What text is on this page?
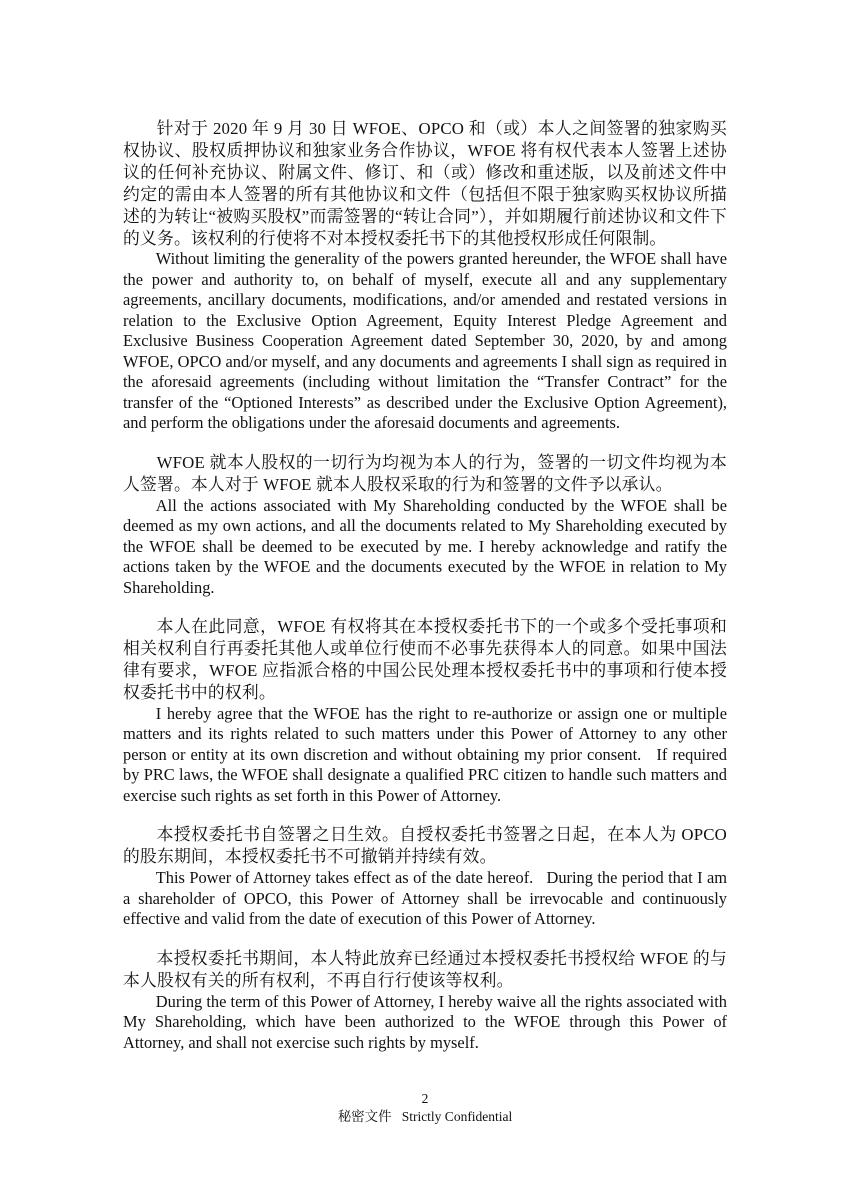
针对于 2020 年 9 月 30 日 WFOE、OPCO 和（或）本人之间签署的独家购买权协议、股权质押协议和独家业务合作协议，WFOE 将有权代表本人签署上述协议的任何补充协议、附属文件、修订、和（或）修改和重述版，以及前述文件中约定的需由本人签署的所有其他协议和文件（包括但不限于独家购买权协议所描述的为转让“被购买股权”而需签署的“转让合同”），并如期履行前述协议和文件下的义务。该权利的行使将不对本授权委托书下的其他授权形成任何限制。

Without limiting the generality of the powers granted hereunder, the WFOE shall have the power and authority to, on behalf of myself, execute all and any supplementary agreements, ancillary documents, modifications, and/or amended and restated versions in relation to the Exclusive Option Agreement, Equity Interest Pledge Agreement and Exclusive Business Cooperation Agreement dated September 30, 2020, by and among WFOE, OPCO and/or myself, and any documents and agreements I shall sign as required in the aforesaid agreements (including without limitation the “Transfer Contract” for the transfer of the “Optioned Interests” as described under the Exclusive Option Agreement), and perform the obligations under the aforesaid documents and agreements.

WFOE 就本人股权的一切行为均视为本人的行为，签署的一切文件均视为本人签署。本人对于 WFOE 就本人股权采取的行为和签署的文件予以承认。

All the actions associated with My Shareholding conducted by the WFOE shall be deemed as my own actions, and all the documents related to My Shareholding executed by the WFOE shall be deemed to be executed by me. I hereby acknowledge and ratify the actions taken by the WFOE and the documents executed by the WFOE in relation to My Shareholding.

本人在此同意，WFOE 有权将其在本授权委托书下的一个或多个受托事项和相关权利自行再委托其他人或单位行使而不必事先获得本人的同意。如果中国法律有要求，WFOE 应指派合格的中国公民处理本授权委托书中的事项和行使本授权委托书中的权利。

I hereby agree that the WFOE has the right to re-authorize or assign one or multiple matters and its rights related to such matters under this Power of Attorney to any other person or entity at its own discretion and without obtaining my prior consent.   If required by PRC laws, the WFOE shall designate a qualified PRC citizen to handle such matters and exercise such rights as set forth in this Power of Attorney.

本授权委托书自签署之日生效。自授权委托书签署之日起，在本人为 OPCO 的股东期间，本授权委托书不可撤销并持续有效。

This Power of Attorney takes effect as of the date hereof.   During the period that I am a shareholder of OPCO, this Power of Attorney shall be irrevocable and continuously effective and valid from the date of execution of this Power of Attorney.

本授权委托书期间，本人特此放弃已经通过本授权委托书授权给 WFOE 的与本人股权有关的所有权利，不再自行行使该等权利。

During the term of this Power of Attorney, I hereby waive all the rights associated with My Shareholding, which have been authorized to the WFOE through this Power of Attorney, and shall not exercise such rights by myself.

2
秘密文件 Strictly Confidential
